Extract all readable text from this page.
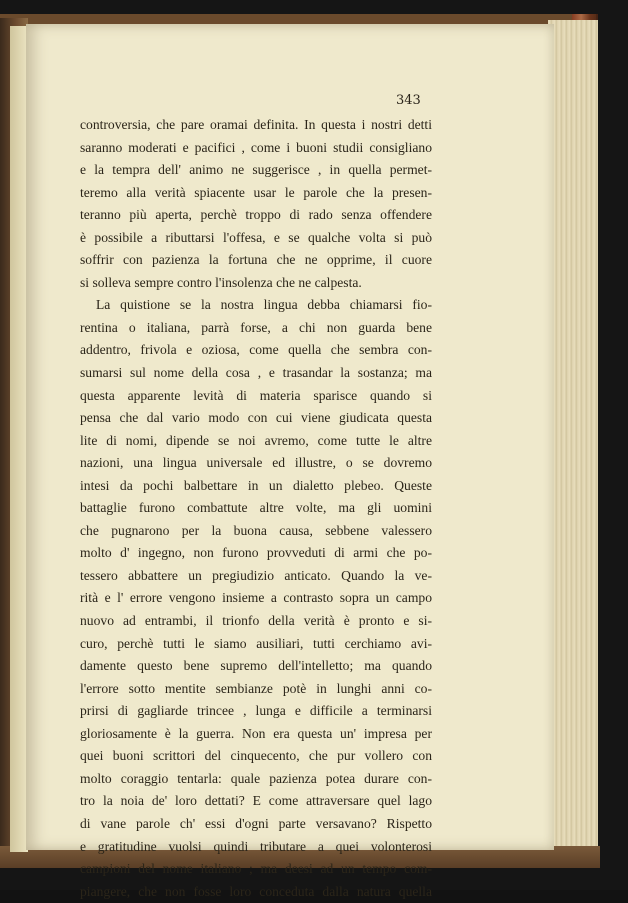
343
controversia, che pare oramai definita. In questa i nostri detti
saranno moderati e pacifici , come i buoni studii consigliano
e la tempra dell' animo ne suggerisce , in quella permet-
teremo alla verità spiacente usar le parole che la presen-
teranno più aperta, perchè troppo di rado senza offendere
è possibile a ributtarsi l'offesa, e se qualche volta si può
soffrir con pazienza la fortuna che ne opprime, il cuore
si solleva sempre contro l'insolenza che ne calpesta.
La quistione se la nostra lingua debba chiamarsi fio-
rentina o italiana, parrà forse, a chi non guarda bene
addentro, frivola e oziosa, come quella che sembra con-
sumarsi sul nome della cosa , e trasandar la sostanza; ma
questa apparente levità di materia sparisce quando si
pensa che dal vario modo con cui viene giudicata questa
lite di nomi, dipende se noi avremo, come tutte le altre
nazioni, una lingua universale ed illustre, o se dovremo
intesi da pochi balbettare in un dialetto plebeo. Queste
battaglie furono combattute altre volte, ma gli uomini
che pugnarono per la buona causa, sebbene valessero
molto d' ingegno, non furono provveduti di armi che po-
tessero abbattere un pregiudizio anticato. Quando la ve-
rità e l' errore vengono insieme a contrasto sopra un campo
nuovo ad entrambi, il trionfo della verità è pronto e si-
curo, perchè tutti le siamo ausiliari, tutti cerchiamo avi-
damente questo bene supremo dell'intelletto; ma quando
l'errore sotto mentite sembianze potè in lunghi anni co-
prirsi di gagliarde trincee , lunga e difficile a terminarsi
gloriosamente è la guerra. Non era questa un' impresa per
quei buoni scrittori del cinquecento, che pur vollero con
molto coraggio tentarla: quale pazienza potea durare con-
tro la noia de' loro dettati? E come attraversare quel lago
di vane parole ch' essi d'ogni parte versavano? Rispetto
e gratitudine vuolsi quindi tributare a quei volonterosi
campioni del nome italiano ; ma deesi ad un tempo com-
piangere, che non fosse loro conceduta dalla natura quella
